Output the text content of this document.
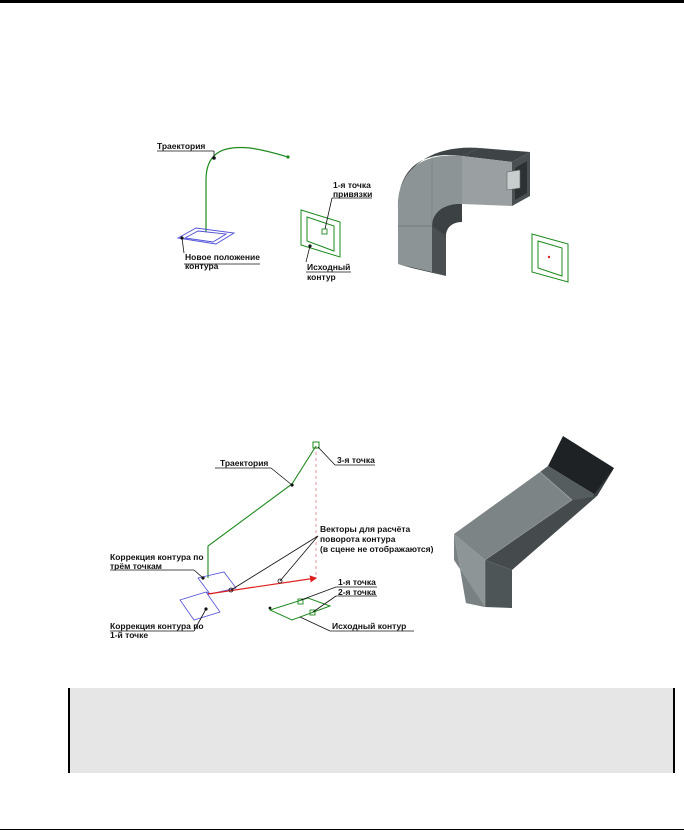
Траектория
Новое положение
контура
1-я точка
привязки
Исходный
контур
Траектория	3-я точка
Векторы для расчёта
поворота контура
(в сцене не отображаются)
Коррекция контура по
трём точкам
Коррекция контура по
1-й точке
1-я точка
2-я точка
Исходный контур
